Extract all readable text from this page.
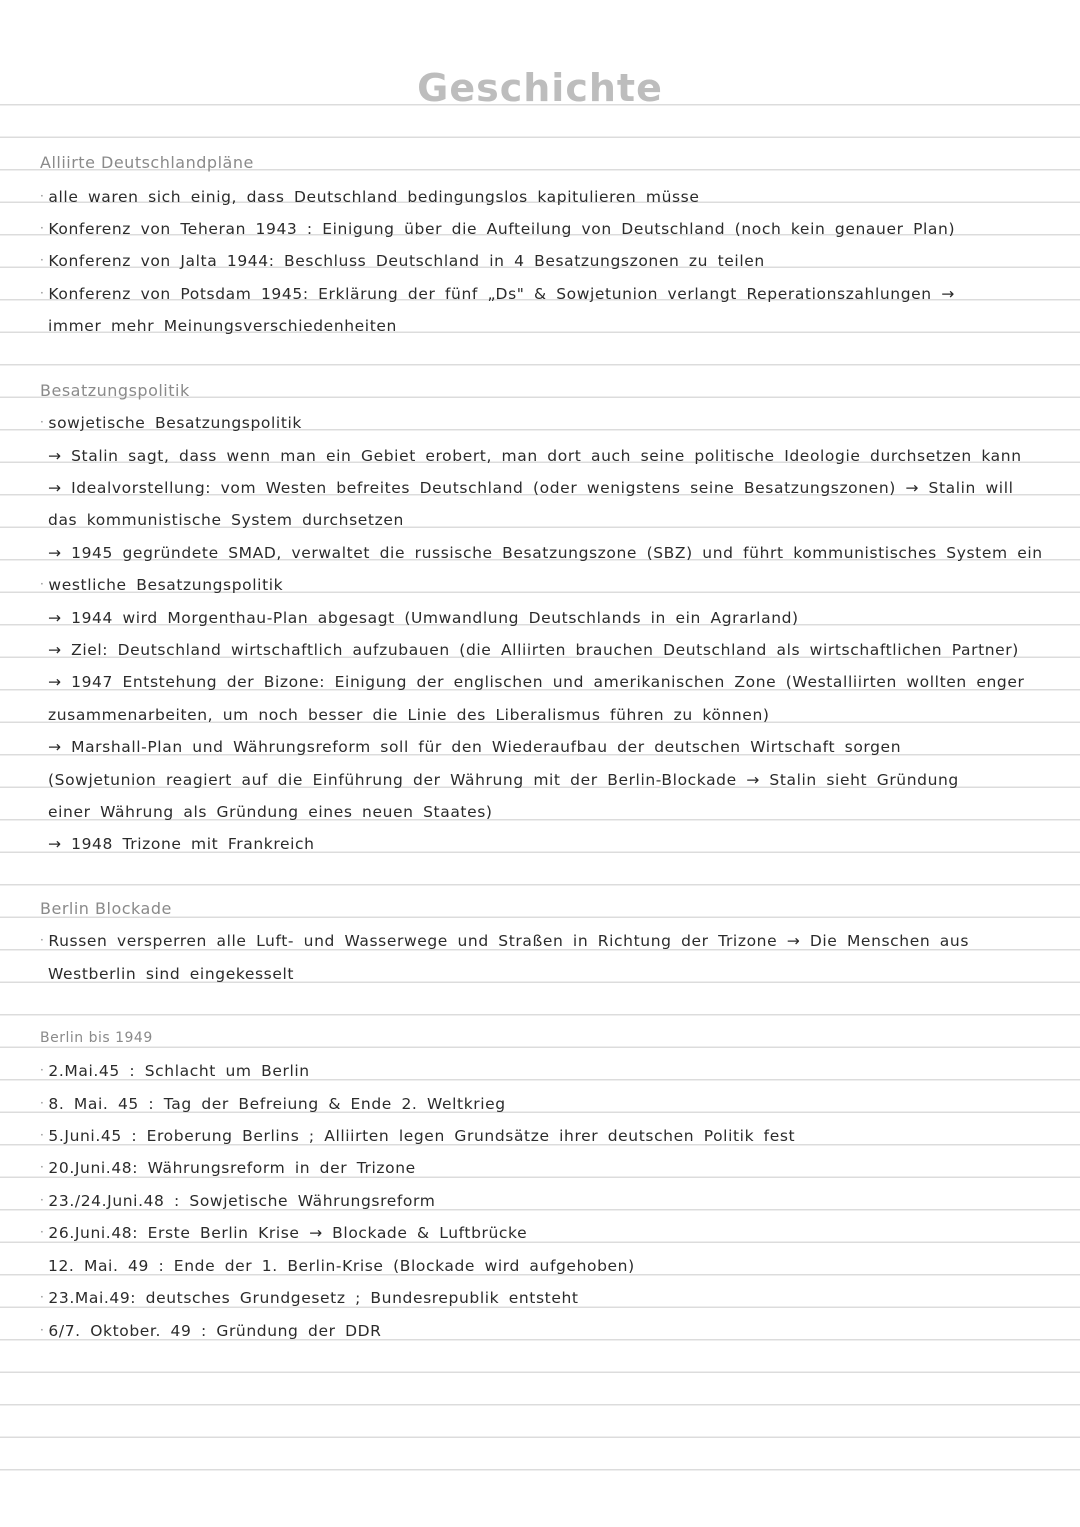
Geschichte
Alliirte Deutschlandpläne
· alle waren sich einig, dass Deutschland bedingungslos kapitulieren müsse
· Konferenz von Teheran 1943 : Einigung über die Aufteilung von Deutschland (noch kein genauer Plan)
· Konferenz von Jalta 1944: Beschluss Deutschland in 4 Besatzungszonen zu teilen
· Konferenz von Potsdam 1945: Erklärung der fünf „Ds" & Sowjetunion verlangt Reperationszahlungen →
immer mehr Meinungsverschiedenheiten
Besatzungspolitik
· sowjetische Besatzungspolitik
→ Stalin sagt, dass wenn man ein Gebiet erobert, man dort auch seine politische Ideologie durchsetzen kann
→ Idealvorstellung: vom Westen befreites Deutschland (oder wenigstens seine Besatzungszonen) → Stalin will
das kommunistische System durchsetzen
→ 1945 gegründete SMAD, verwaltet die russische Besatzungszone (SBZ) und führt kommunistisches System ein
· westliche Besatzungspolitik
→ 1944 wird Morgenthau-Plan abgesagt (Umwandlung Deutschlands in ein Agrarland)
→ Ziel: Deutschland wirtschaftlich aufzubauen (die Alliirten brauchen Deutschland als wirtschaftlichen Partner)
→ 1947 Entstehung der Bizone: Einigung der englischen und amerikanischen Zone (Westalliirten wollten enger
zusammenarbeiten, um noch besser die Linie des Liberalismus führen zu können)
→ Marshall-Plan und Währungsreform soll für den Wiederaufbau der deutschen Wirtschaft sorgen
(Sowjetunion reagiert auf die Einführung der Währung mit der Berlin-Blockade → Stalin sieht Gründung
einer Währung als Gründung eines neuen Staates)
→ 1948 Trizone mit Frankreich
Berlin Blockade
· Russen versperren alle Luft- und Wasserwege und Straßen in Richtung der Trizone → Die Menschen aus
Westberlin sind eingekesselt
Berlin bis 1949
· 2.Mai.45 : Schlacht um Berlin
· 8. Mai. 45 : Tag der Befreiung & Ende 2. Weltkrieg
· 5.Juni.45 : Eroberung Berlins ; Alliirten legen Grundsätze ihrer deutschen Politik fest
· 20.Juni.48: Währungsreform in der Trizone
· 23./24.Juni.48 : Sowjetische Währungsreform
· 26.Juni.48: Erste Berlin Krise → Blockade & Luftbrücke
12. Mai. 49 : Ende der 1. Berlin-Krise (Blockade wird aufgehoben)
· 23.Mai.49: deutsches Grundgesetz ; Bundesrepublik entsteht
· 6/7. Oktober. 49 : Gründung der DDR
